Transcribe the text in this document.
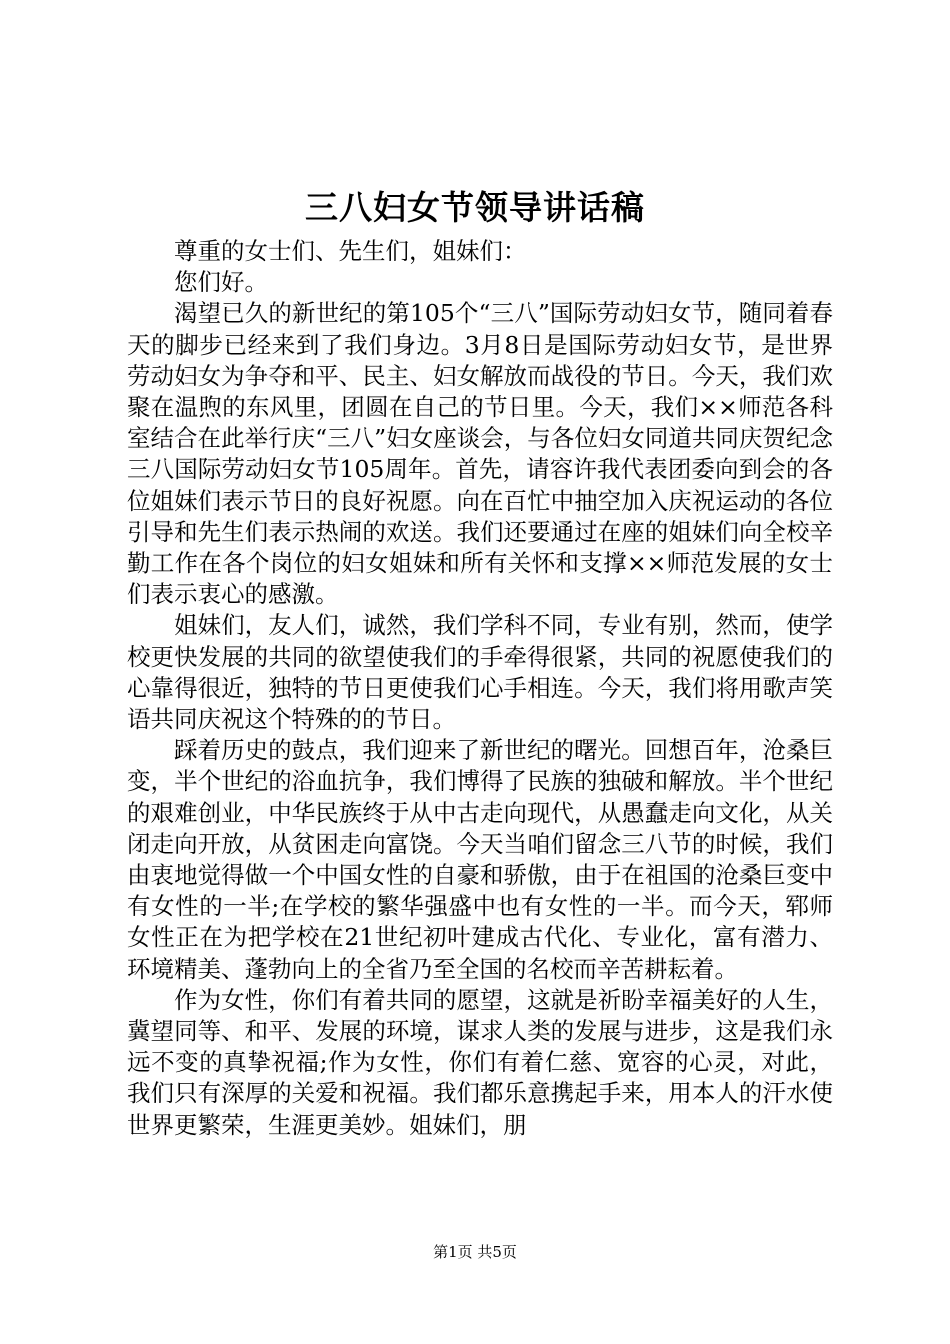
三八妇女节领导讲话稿

尊重的女士们、先生们，姐妹们：

您们好。

渴望已久的新世纪的第105个“三八”国际劳动妇女节，随同着春天的脚步已经来到了我们身边。3月8日是国际劳动妇女节，是世界劳动妇女为争夺和平、民主、妇女解放而战役的节日。今天，我们欢聚在温煦的东风里，团圆在自己的节日里。今天，我们××师范各科室结合在此举行庆“三八”妇女座谈会，与各位妇女同道共同庆贺纪念三八国际劳动妇女节105周年。首先，请容许我代表团委向到会的各位姐妹们表示节日的良好祝愿。向在百忙中抽空加入庆祝运动的各位引导和先生们表示热闹的欢送。我们还要通过在座的姐妹们向全校辛勤工作在各个岗位的妇女姐妹和所有关怀和支撑××师范发展的女士们表示衷心的感激。

姐妹们，友人们，诚然，我们学科不同，专业有别，然而，使学校更快发展的共同的欲望使我们的手牵得很紧，共同的祝愿使我们的心靠得很近，独特的节日更使我们心手相连。今天，我们将用歌声笑语共同庆祝这个特殊的的节日。

踩着历史的鼓点，我们迎来了新世纪的曙光。回想百年，沧桑巨变，半个世纪的浴血抗争，我们博得了民族的独破和解放。半个世纪的艰难创业，中华民族终于从中古走向现代，从愚蠢走向文化，从关闭走向开放，从贫困走向富饶。今天当咱们留念三八节的时候，我们由衷地觉得做一个中国女性的自豪和骄傲，由于在祖国的沧桑巨变中有女性的一半;在学校的繁华强盛中也有女性的一半。而今天，郓师女性正在为把学校在21世纪初叶建成古代化、专业化，富有潜力、环境精美、蓬勃向上的全省乃至全国的名校而辛苦耕耘着。

作为女性，你们有着共同的愿望，这就是祈盼幸福美好的人生，冀望同等、和平、发展的环境，谋求人类的发展与进步，这是我们永远不变的真挚祝福;作为女性，你们有着仁慈、宽容的心灵，对此，我们只有深厚的关爱和祝福。我们都乐意携起手来，用本人的汗水使世界更繁荣，生涯更美妙。姐妹们，朋

第1页 共5页
